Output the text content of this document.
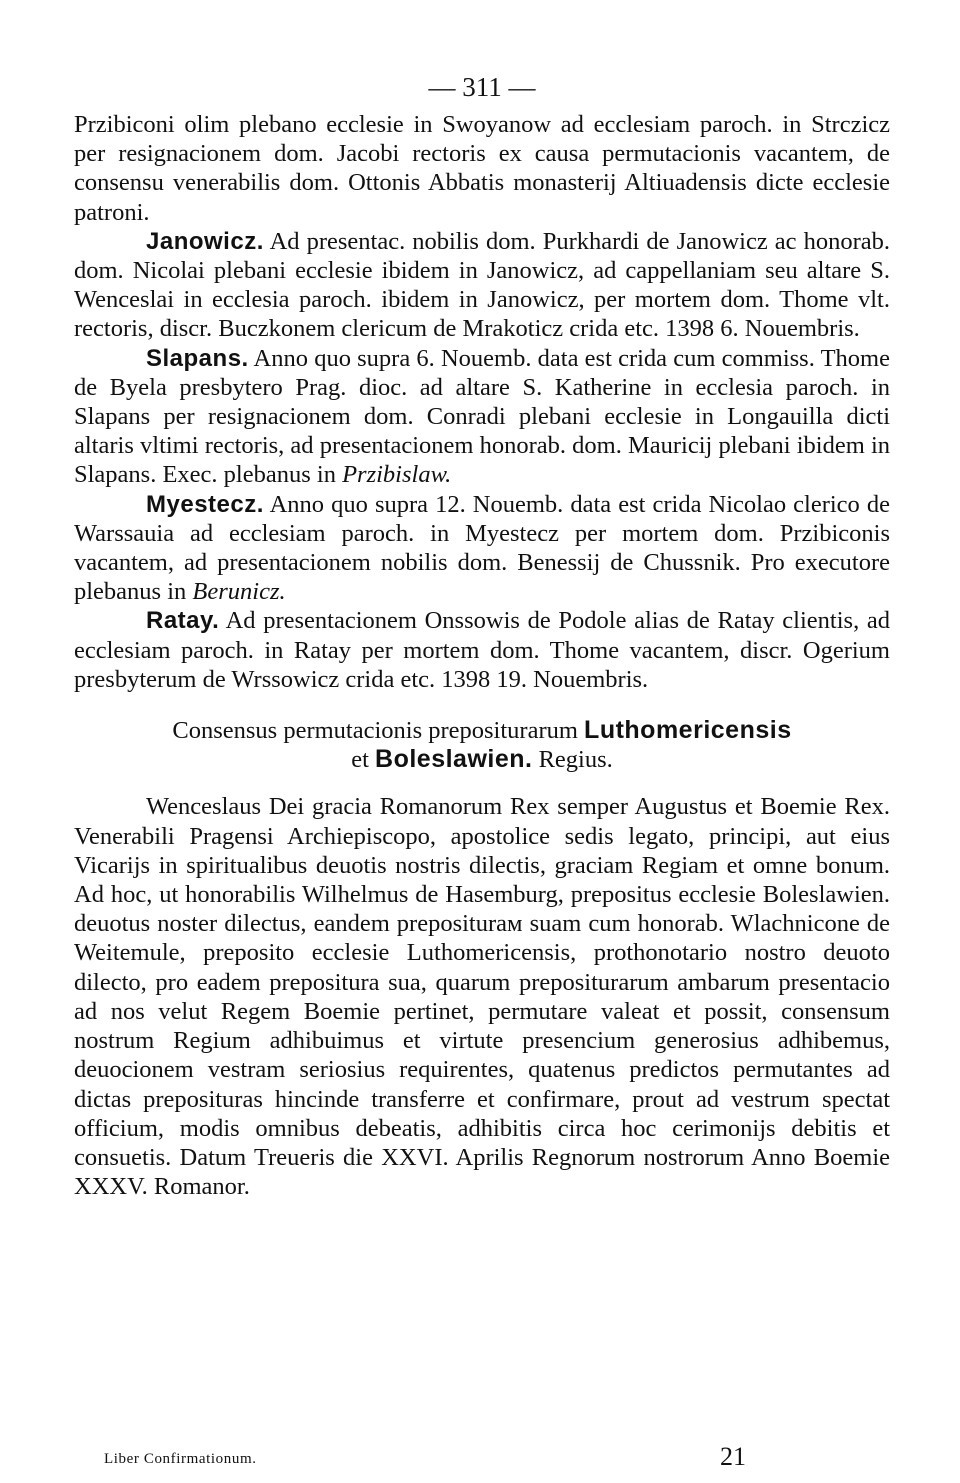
— 311 —

Przibiconi olim plebano ecclesie in Swoyanow ad ecclesiam paroch. in Strczicz per resignacionem dom. Jacobi rectoris ex causa permutacionis vacantem, de consensu venerabilis dom. Ottonis Abbatis monasterij Altiuadensis dicte ecclesie patroni.

Janowicz. Ad presentac. nobilis dom. Purkhardi de Janowicz ac honorab. dom. Nicolai plebani ecclesie ibidem in Janowicz, ad cappellaniam seu altare S. Wenceslai in ecclesia paroch. ibidem in Janowicz, per mortem dom. Thome vlt. rectoris, discr. Buczkonem clericum de Mrakoticz crida etc. 1398 6. Nouembris.

Slapans. Anno quo supra 6. Nouemb. data est crida cum commiss. Thome de Byela presbytero Prag. dioc. ad altare S. Katherine in ecclesia paroch. in Slapans per resignacionem dom. Conradi plebani ecclesie in Longauilla dicti altaris vltimi rectoris, ad presentacionem honorab. dom. Mauricij plebani ibidem in Slapans. Exec. plebanus in Przibislaw.

Myestecz. Anno quo supra 12. Nouemb. data est crida Nicolao clerico de Warssauia ad ecclesiam paroch. in Myestecz per mortem dom. Przibiconis vacantem, ad presentacionem nobilis dom. Benessij de Chussnik. Pro executore plebanus in Berunicz.

Ratay. Ad presentacionem Onssowis de Podole alias de Ratay clientis, ad ecclesiam paroch. in Ratay per mortem dom. Thome vacantem, discr. Ogerium presbyterum de Wrssowicz crida etc. 1398 19. Nouembris.

Consensus permutacionis prepositurarum Luthomericensis
et Boleslawien. Regius.

Wenceslaus Dei gracia Romanorum Rex semper Augustus et Boemie Rex. Venerabili Pragensi Archiepiscopo, apostolice sedis legato, principi, aut eius Vicarijs in spiritualibus deuotis nostris dilectis, graciam Regiam et omne bonum. Ad hoc, ut honorabilis Wilhelmus de Hasemburg, prepositus ecclesie Boleslawien. deuotus noster dilectus, eandem prepositurам suam cum honorab. Wlachnicone de Weitemule, preposito ecclesie Luthomericensis, prothonotario nostro deuoto dilecto, pro eadem prepositura sua, quarum prepositurarum ambarum presentacio ad nos velut Regem Boemie pertinet, permutare valeat et possit, consensum nostrum Regium adhibuimus et virtute presencium generosius adhibemus, deuocionem vestram seriosius requirentes, quatenus predictos permutantes ad dictas preposituras hincinde transferre et confirmare, prout ad vestrum spectat officium, modis omnibus debeatis, adhibitis circa hoc cerimonijs debitis et consuetis. Datum Treueris die XXVI. Aprilis Regnorum nostrorum Anno Boemie XXXV. Romanor.

Liber Confirmationum.	21
